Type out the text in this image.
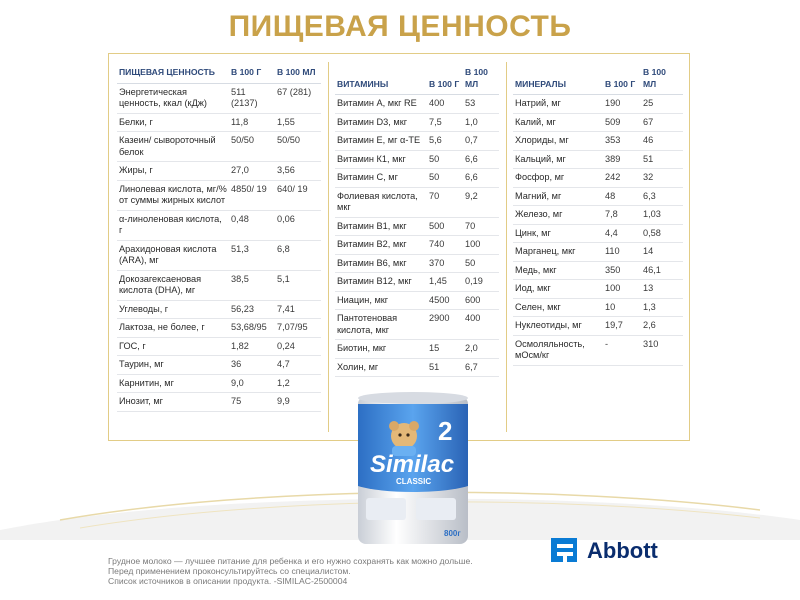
ПИЩЕВАЯ ЦЕННОСТЬ
ПИЩЕВАЯ ЦЕННОСТЬ	В 100 Г	В 100 МЛ
Энергетическая ценность, ккал (кДж)	511 (2137)	67 (281)
Белки, г	11,8	1,55
Казеин/ сывороточный белок	50/50	50/50
Жиры, г	27,0	3,56
Линолевая кислота, мг/% от суммы жирных кислот	4850/ 19	640/ 19
α-линоленовая кислота, г	0,48	0,06
Арахидоновая кислота (ARA), мг	51,3	6,8
Докозагексаеновая кислота (DHA), мг	38,5	5,1
Углеводы, г	56,23	7,41
Лактоза, не более, г	53,68/95	7,07/95
ГОС, г	1,82	0,24
Таурин, мг	36	4,7
Карнитин, мг	9,0	1,2
Инозит, мг	75	9,9
ВИТАМИНЫ	В 100 Г	В 100 МЛ
Витамин А, мкг RE	400	53
Витамин D3, мкг	7,5	1,0
Витамин Е, мг α-ТЕ	5,6	0,7
Витамин К1, мкг	50	6,6
Витамин С, мг	50	6,6
Фолиевая кислота, мкг	70	9,2
Витамин В1, мкг	500	70
Витамин В2, мкг	740	100
Витамин В6, мкг	370	50
Витамин В12, мкг	1,45	0,19
Ниацин, мкг	4500	600
Пантотеновая кислота, мкг	2900	400
Биотин, мкг	15	2,0
Холин, мг	51	6,7
МИНЕРАЛЫ	В 100 Г	В 100 МЛ
Натрий, мг	190	25
Калий, мг	509	67
Хлориды, мг	353	46
Кальций, мг	389	51
Фосфор, мг	242	32
Магний, мг	48	6,3
Железо, мг	7,8	1,03
Цинк, мг	4,4	0,58
Марганец, мкг	110	14
Медь, мкг	350	46,1
Иод, мкг	100	13
Селен, мкг	10	1,3
Нуклеотиды, мг	19,7	2,6
Осмоляльность, мОсм/кг	-	310
2
Similac
CLASSIC
800г
Грудное молоко — лучшее питание для ребенка и его нужно сохранять как можно дольше.
Перед применением проконсультируйтесь со специалистом.
Список источников в описании продукта. -SIMILAC-2500004
Abbott
